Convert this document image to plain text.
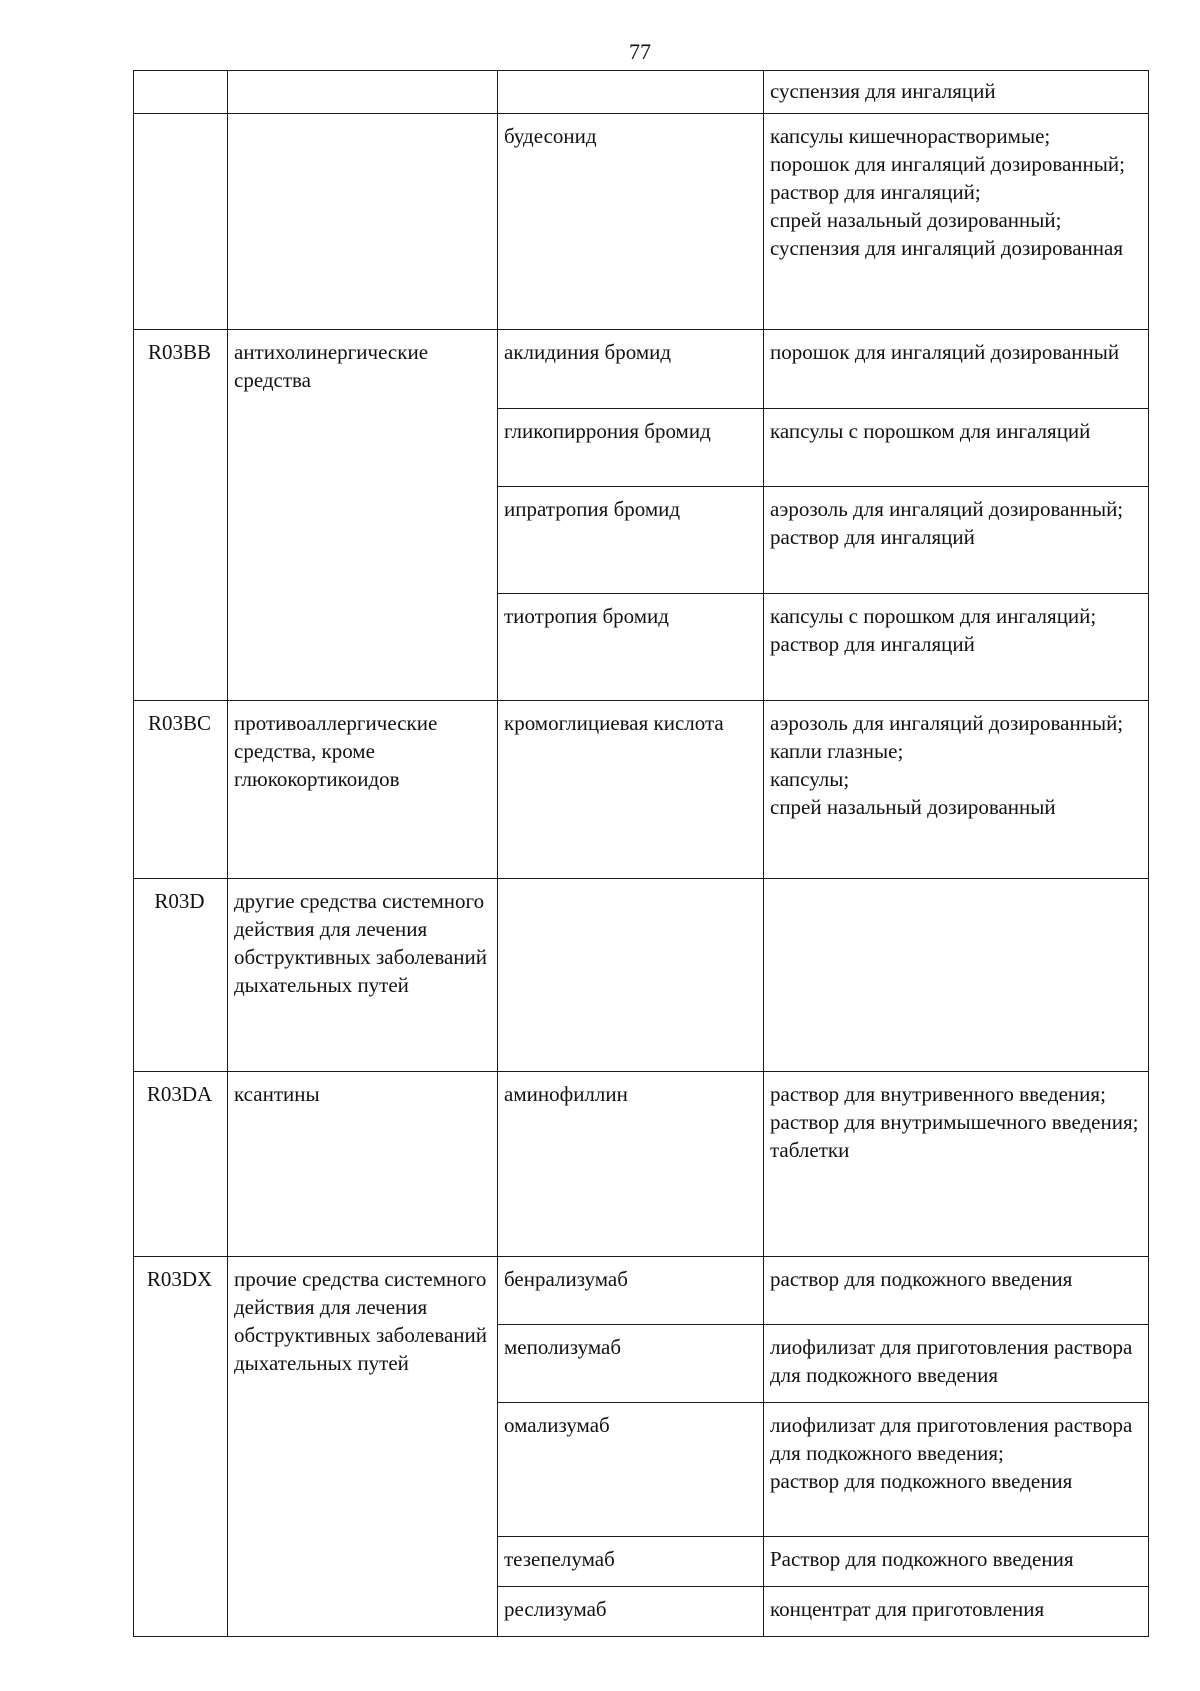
77
			суспензия для ингаляций
		будесонид	капсулы кишечнорастворимые;
порошок для ингаляций дозированный;
раствор для ингаляций;
спрей назальный дозированный;
суспензия для ингаляций дозированная
R03BB	антихолинергические средства	аклидиния бромид	порошок для ингаляций дозированный
		гликопиррония бромид	капсулы с порошком для ингаляций
		ипратропия бромид	аэрозоль для ингаляций дозированный;
раствор для ингаляций
		тиотропия бромид	капсулы с порошком для ингаляций;
раствор для ингаляций
R03BC	противоаллергические средства, кроме глюкокортикоидов	кромоглициевая кислота	аэрозоль для ингаляций дозированный;
капли глазные;
капсулы;
спрей назальный дозированный
R03D	другие средства системного действия для лечения обструктивных заболеваний дыхательных путей		
R03DA	ксантины	аминофиллин	раствор для внутривенного введения;
раствор для внутримышечного введения;
таблетки
R03DX	прочие средства системного действия для лечения обструктивных заболеваний дыхательных путей	бенрализумаб	раствор для подкожного введения
		меполизумаб	лиофилизат для приготовления раствора для подкожного введения
		омализумаб	лиофилизат для приготовления раствора для подкожного введения;
раствор для подкожного введения
		тезепелумаб	Раствор для подкожного введения
		реслизумаб	концентрат для приготовления
